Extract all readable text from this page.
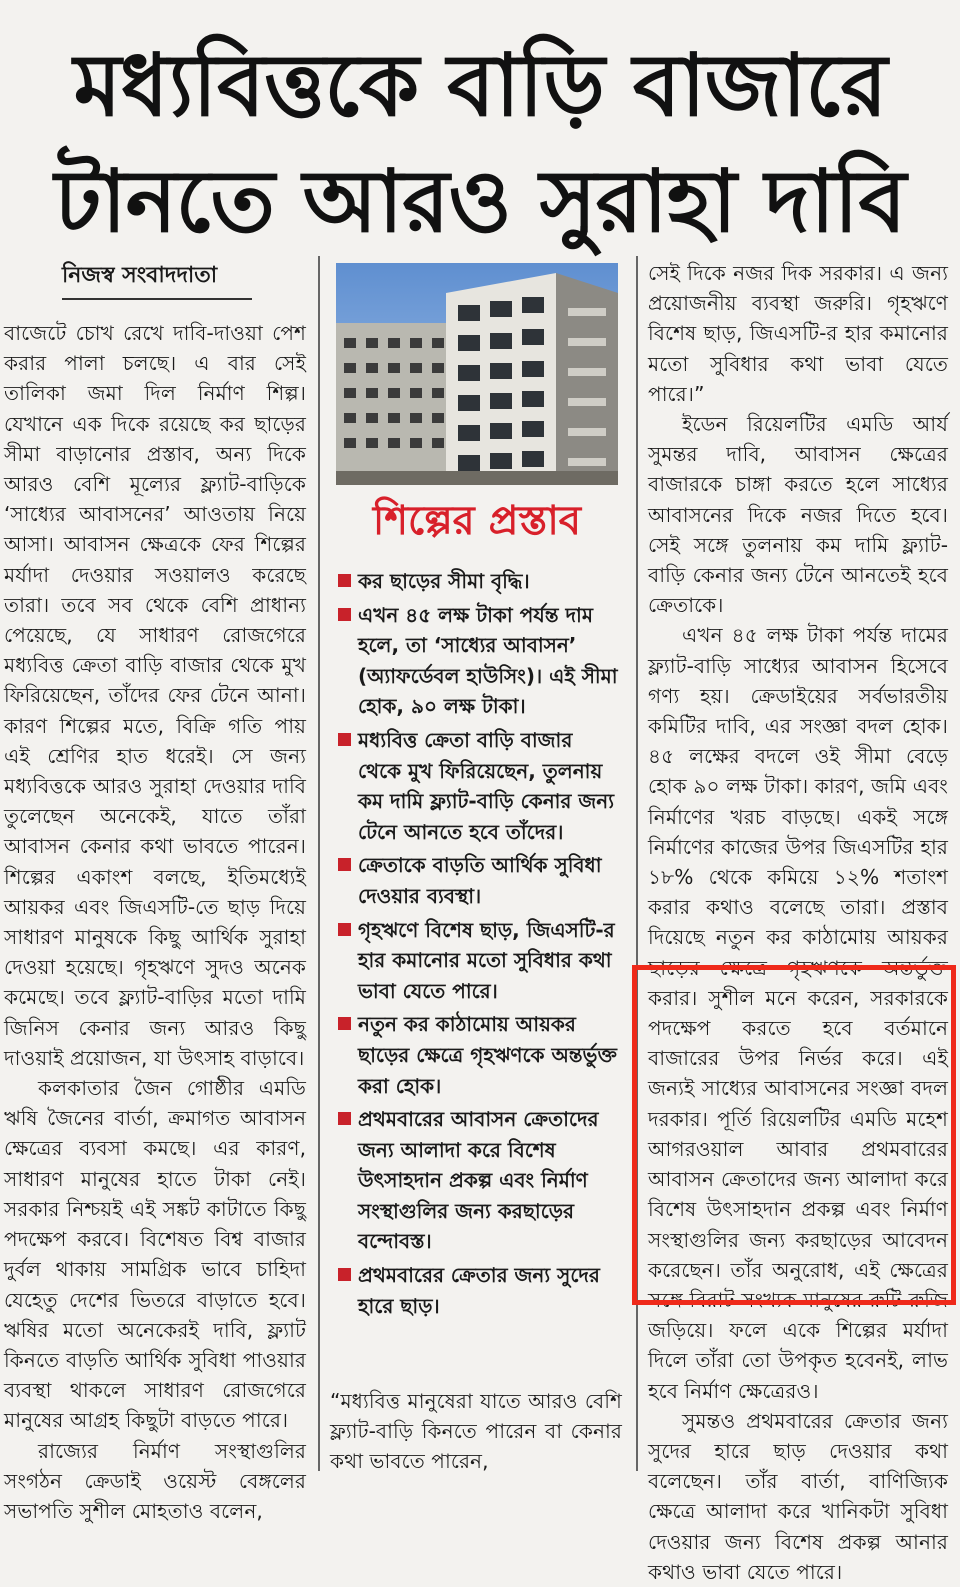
মধ্যবিত্তকে বাড়ি বাজারে
টানতে আরও সুরাহা দাবি
নিজস্ব সংবাদদাতা

বাজেটে চোখ রেখে দাবি-দাওয়া পেশ করার পালা চলছে। এ বার সেই তালিকা জমা দিল নির্মাণ শিল্প। যেখানে এক দিকে রয়েছে কর ছাড়ের সীমা বাড়ানোর প্রস্তাব, অন্য দিকে আরও বেশি মূল্যের ফ্ল্যাট-বাড়িকে ‘সাধ্যের আবাসনের’ আওতায় নিয়ে আসা। আবাসন ক্ষেত্রকে ফের শিল্পের মর্যাদা দেওয়ার সওয়ালও করেছে তারা। তবে সব থেকে বেশি প্রাধান্য পেয়েছে, যে সাধারণ রোজগেরে মধ্যবিত্ত ক্রেতা বাড়ি বাজার থেকে মুখ ফিরিয়েছেন, তাঁদের ফের টেনে আনা। কারণ শিল্পের মতে, বিক্রি গতি পায় এই শ্রেণির হাত ধরেই। সে জন্য মধ্যবিত্তকে আরও সুরাহা দেওয়ার দাবি তুলেছেন অনেকেই, যাতে তাঁরা আবাসন কেনার কথা ভাবতে পারেন। শিল্পের একাংশ বলছে, ইতিমধ্যেই আয়কর এবং জিএসটি-তে ছাড় দিয়ে সাধারণ মানুষকে কিছু আর্থিক সুরাহা দেওয়া হয়েছে। গৃহঋণে সুদও অনেক কমেছে। তবে ফ্ল্যাট-বাড়ির মতো দামি জিনিস কেনার জন্য আরও কিছু দাওয়াই প্রয়োজন, যা উৎসাহ বাড়াবে।

কলকাতার জৈন গোষ্ঠীর এমডি ঋষি জৈনের বার্তা, ক্রমাগত আবাসন ক্ষেত্রের ব্যবসা কমছে। এর কারণ, সাধারণ মানুষের হাতে টাকা নেই। সরকার নিশ্চয়ই এই সঙ্কট কাটাতে কিছু পদক্ষেপ করবে। বিশেষত বিশ্ব বাজার দুর্বল থাকায় সামগ্রিক ভাবে চাহিদা যেহেতু দেশের ভিতরে বাড়াতে হবে। ঋষির মতো অনেকেরই দাবি, ফ্ল্যাট কিনতে বাড়তি আর্থিক সুবিধা পাওয়ার ব্যবস্থা থাকলে সাধারণ রোজগেরে মানুষের আগ্রহ কিছুটা বাড়তে পারে।

রাজ্যের নির্মাণ সংস্থাগুলির সংগঠন ক্রেডাই ওয়েস্ট বেঙ্গলের সভাপতি সুশীল মোহতাও বলেন,

শিল্পের প্রস্তাব
কর ছাড়ের সীমা বৃদ্ধি।
এখন ৪৫ লক্ষ টাকা পর্যন্ত দাম হলে, তা ‘সাধ্যের আবাসন’ (অ্যাফর্ডেবল হাউসিং)। এই সীমা হোক, ৯০ লক্ষ টাকা।
মধ্যবিত্ত ক্রেতা বাড়ি বাজার থেকে মুখ ফিরিয়েছেন, তুলনায় কম দামি ফ্ল্যাট-বাড়ি কেনার জন্য টেনে আনতে হবে তাঁদের।
ক্রেতাকে বাড়তি আর্থিক সুবিধা দেওয়ার ব্যবস্থা।
গৃহঋণে বিশেষ ছাড়, জিএসটি-র হার কমানোর মতো সুবিধার কথা ভাবা যেতে পারে।
নতুন কর কাঠামোয় আয়কর ছাড়ের ক্ষেত্রে গৃহঋণকে অন্তর্ভুক্ত করা হোক।
প্রথমবারের আবাসন ক্রেতাদের জন্য আলাদা করে বিশেষ উৎসাহদান প্রকল্প এবং নির্মাণ সংস্থাগুলির জন্য করছাড়ের বন্দোবস্ত।
প্রথমবারের ক্রেতার জন্য সুদের হারে ছাড়।
“মধ্যবিত্ত মানুষেরা যাতে আরও বেশি ফ্ল্যাট-বাড়ি কিনতে পারেন বা কেনার কথা ভাবতে পারেন,

সেই দিকে নজর দিক সরকার। এ জন্য প্রয়োজনীয় ব্যবস্থা জরুরি। গৃহঋণে বিশেষ ছাড়, জিএসটি-র হার কমানোর মতো সুবিধার কথা ভাবা যেতে পারে।”

ইডেন রিয়েলটির এমডি আর্য সুমন্তর দাবি, আবাসন ক্ষেত্রের বাজারকে চাঙ্গা করতে হলে সাধ্যের আবাসনের দিকে নজর দিতে হবে। সেই সঙ্গে তুলনায় কম দামি ফ্ল্যাট-বাড়ি কেনার জন্য টেনে আনতেই হবে ক্রেতাকে।

এখন ৪৫ লক্ষ টাকা পর্যন্ত দামের ফ্ল্যাট-বাড়ি সাধ্যের আবাসন হিসেবে গণ্য হয়। ক্রেডাইয়ের সর্বভারতীয় কমিটির দাবি, এর সংজ্ঞা বদল হোক। ৪৫ লক্ষের বদলে ওই সীমা বেড়ে হোক ৯০ লক্ষ টাকা। কারণ, জমি এবং নির্মাণের খরচ বাড়ছে। একই সঙ্গে নির্মাণের কাজের উপর জিএসটির হার ১৮% থেকে কমিয়ে ১২% শতাংশ করার কথাও বলেছে তারা। প্রস্তাব দিয়েছে নতুন কর কাঠামোয় আয়কর ছাড়ের ক্ষেত্রে গৃহঋণকে অন্তর্ভুক্ত করার। সুশীল মনে করেন, সরকারকে পদক্ষেপ করতে হবে বর্তমানে বাজারের উপর নির্ভর করে। এই জন্যই সাধ্যের আবাসনের সংজ্ঞা বদল দরকার। পূর্তি রিয়েলটির এমডি মহেশ আগরওয়াল আবার প্রথমবারের আবাসন ক্রেতাদের জন্য আলাদা করে বিশেষ উৎসাহদান প্রকল্প এবং নির্মাণ সংস্থাগুলির জন্য করছাড়ের আবেদন করেছেন। তাঁর অনুরোধ, এই ক্ষেত্রের সঙ্গে বিরাট সংখ্যক মানুষের রুটি-রুজি জড়িয়ে। ফলে একে শিল্পের মর্যাদা দিলে তাঁরা তো উপকৃত হবেনই, লাভ হবে নির্মাণ ক্ষেত্রেরও।

সুমন্তও প্রথমবারের ক্রেতার জন্য সুদের হারে ছাড় দেওয়ার কথা বলেছেন। তাঁর বার্তা, বাণিজ্যিক ক্ষেত্রে আলাদা করে খানিকটা সুবিধা দেওয়ার জন্য বিশেষ প্রকল্প আনার কথাও ভাবা যেতে পারে।
